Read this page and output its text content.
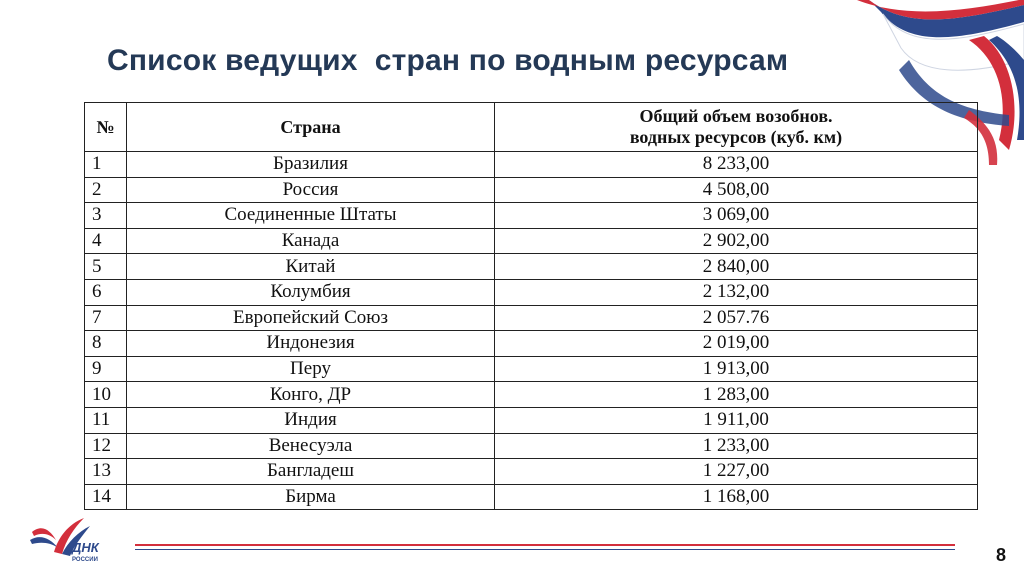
Список ведущих  стран по водным ресурсам
№	Страна	Общий объем возобнов.
водных ресурсов (куб. км)

1	Бразилия	8 233,00
2	Россия	4 508,00
3	Соединенные Штаты	3 069,00
4	Канада	2 902,00
5	Китай	2 840,00
6	Колумбия	2 132,00
7	Европейский Союз	2 057.76
8	Индонезия	2 019,00
9	Перу	1 913,00
10	Конго, ДР	1 283,00
11	Индия	1 911,00
12	Венесуэла	1 233,00
13	Бангладеш	1 227,00
14	Бирма	1 168,00
ДНК
РОССИИ	8
